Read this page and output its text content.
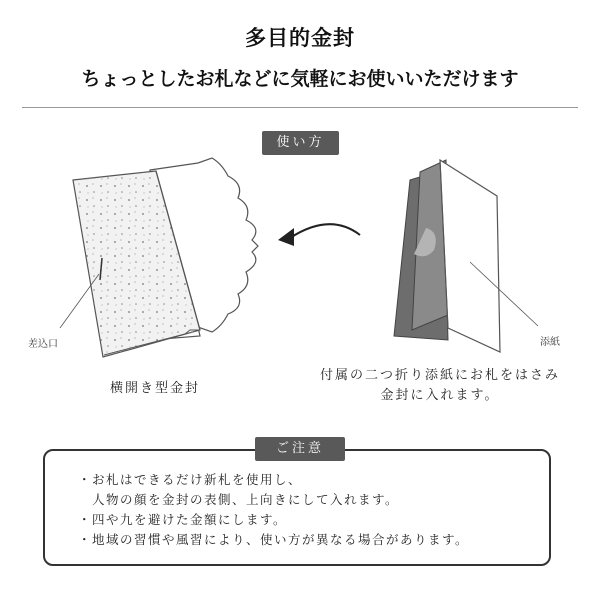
多目的金封
ちょっとしたお札などに気軽にお使いいただけます
使い方
差込口	添紙
横開き型金封
付属の二つ折り添紙にお札をはさみ
金封に入れます。
ご注意
・お札はできるだけ新札を使用し、
　人物の顔を金封の表側、上向きにして入れます。
・四や九を避けた金額にします。
・地域の習慣や風習により、使い方が異なる場合があります。
